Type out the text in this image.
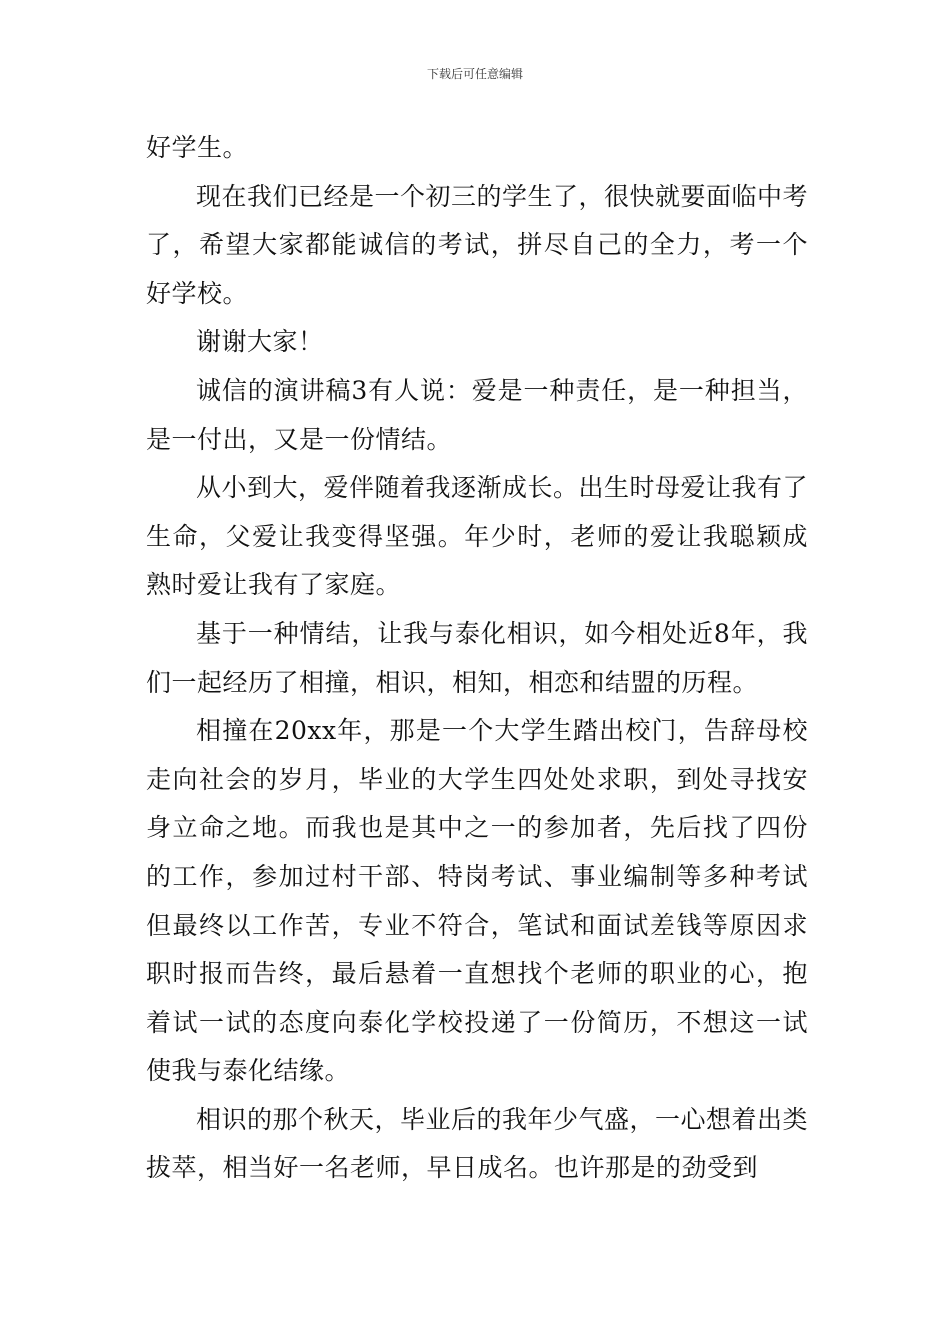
下载后可任意编辑

好学生。

现在我们已经是一个初三的学生了，很快就要面临中考了，希望大家都能诚信的考试，拼尽自己的全力，考一个好学校。

谢谢大家！

诚信的演讲稿3有人说：爱是一种责任，是一种担当，是一付出，又是一份情结。

从小到大，爱伴随着我逐渐成长。出生时母爱让我有了生命，父爱让我变得坚强。年少时，老师的爱让我聪颖成熟时爱让我有了家庭。

基于一种情结，让我与泰化相识，如今相处近8年，我们一起经历了相撞，相识，相知，相恋和结盟的历程。

相撞在20xx年，那是一个大学生踏出校门，告辞母校走向社会的岁月，毕业的大学生四处处求职，到处寻找安身立命之地。而我也是其中之一的参加者，先后找了四份的工作，参加过村干部、特岗考试、事业编制等多种考试但最终以工作苦，专业不符合，笔试和面试差钱等原因求职时报而告终，最后悬着一直想找个老师的职业的心，抱着试一试的态度向泰化学校投递了一份简历，不想这一试使我与泰化结缘。

相识的那个秋天，毕业后的我年少气盛，一心想着出类拔萃，相当好一名老师，早日成名。也许那是的劲受到
